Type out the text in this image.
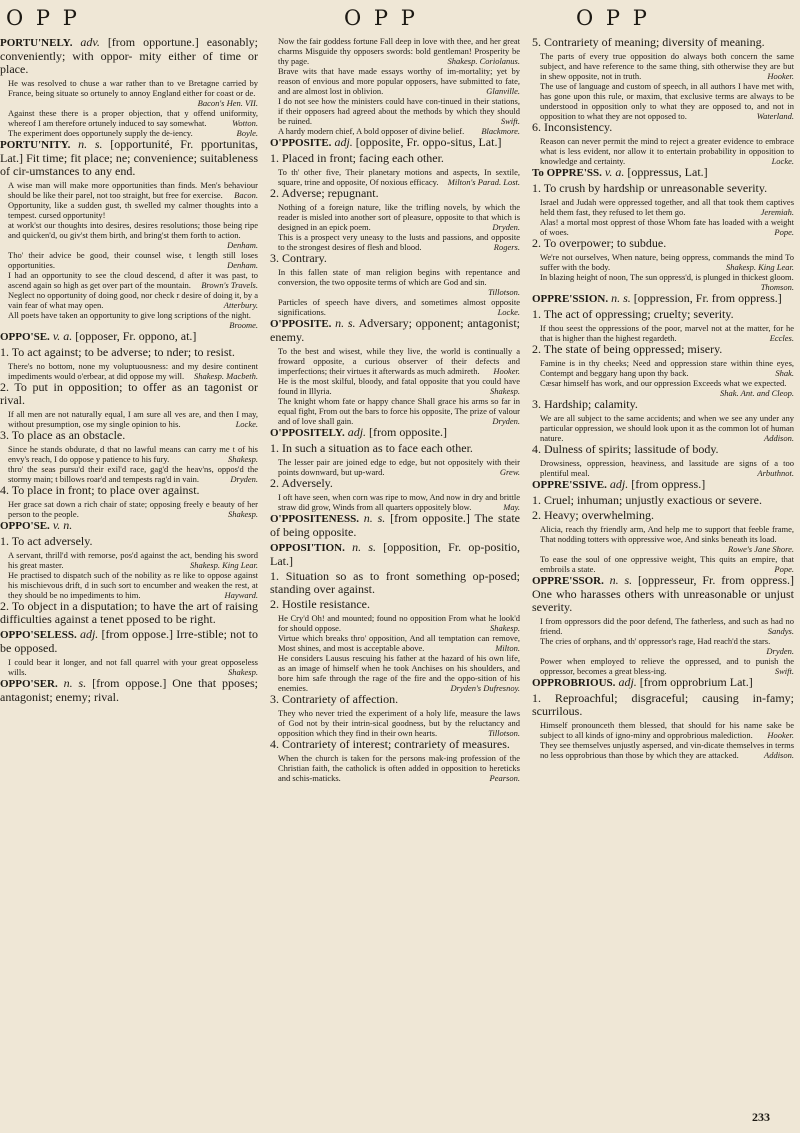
O P P	O P P	O P P
PORTU'NELY. adv. [from opportune.] easonably; conveniently; with oppor- mity either of time or place.
He was resolved to chuse a war rather than to ve Bretagne carried by France, being situate so ortunely to annoy England either for coast or de.
Bacon's Hen. VII.
Against these there is a proper objection, that y offend uniformity, whereof I am therefore ortunely induced to say somewhat.	Wotton.
The experiment does opportunely supply the de-iency.	Boyle.
PORTU'NITY. n. s. [opportunité, Fr. pportunitas, Lat.] Fit time; fit place; ne; convenience; suitableness of cir-umstances to any end.
A wise man will make more opportunities than finds. Men's behaviour should be like their parel, not too straight, but free for exercise.	Bacon.
Opportunity, like a sudden gust, th swelled my calmer thoughts into a tempest. cursed opportunity!
at work'st our thoughts into desires, desires resolutions; those being ripe and quicken'd, ou giv'st them birth, and bring'st them forth to action.
Denham.
Tho' their advice be good, their counsel wise, t length still loses opportunities.	Denham.
I had an opportunity to see the cloud descend, d after it was past, to ascend again so high as get over part of the mountain.	Brown's Travels.
Neglect no opportunity of doing good, nor check r desire of doing it, by a vain fear of what may open.	Atterbury.
All poets have taken an opportunity to give long scriptions of the night.
Broome.
OPPO'SE. v. a. [opposer, Fr. oppono, at.]
1. To act against; to be adverse; to nder; to resist.
There's no bottom, none my voluptuousness: and my desire continent impediments would o'erbear, at did oppose my will.	Shakesp. Macbeth.
2. To put in opposition; to offer as an tagonist or rival.
If all men are not naturally equal, I am sure all ves are, and then I may, without presumption, ose my single opinion to his.	Locke.
3. To place as an obstacle.
Since he stands obdurate, d that no lawful means can carry me t of his envy's reach, I do oppose y patience to his fury.	Shakesp.
thro' the seas pursu'd their exil'd race, gag'd the heav'ns, oppos'd the stormy main; t billows roar'd and tempests rag'd in vain.	Dryden.
4. To place in front; to place over against.
Her grace sat down a rich chair of state; opposing freely e beauty of her person to the people.	Shakesp.
OPPO'SE. v. n.
1. To act adversely.
A servant, thrill'd with remorse, pos'd against the act, bending his sword his great master.	Shakesp. King Lear.
He practised to dispatch such of the nobility as re like to oppose against his mischievous drift, d in such sort to encumber and weaken the rest, at they should be no impediments to him.	Hayward.
2. To object in a disputation; to have the art of raising difficulties against a tenet pposed to be right.
OPPO'SELESS. adj. [from oppose.] Irre-stible; not to be opposed.
I could bear it longer, and not fall quarrel with your great opposeless wills.	Shakesp.
OPPO'SER. n. s. [from oppose.] One that pposes; antagonist; enemy; rival.
Now the fair goddess fortune Fall deep in love with thee, and her great charms Misguide thy opposers swords: bold gentleman! Prosperity be thy page.	Shakesp. Coriolanus.
Brave wits that have made essays worthy of im-mortality; yet by reason of envious and more popular opposers, have submitted to fate, and are almost lost in oblivion.	Glanville.
I do not see how the ministers could have con-tinued in their stations, if their opposers had agreed about the methods by which they should be ruined.	Swift.
A hardy modern chief, A bold opposer of divine belief.	Blackmore.
O'PPOSITE. adj. [opposite, Fr. oppo-situs, Lat.]
1. Placed in front; facing each other.
To th' other five, Their planetary motions and aspects, In sextile, square, trine and opposite, Of noxious efficacy.	Milton's Parad. Lost.
2. Adverse; repugnant.
Nothing of a foreign nature, like the trifling novels, by which the reader is misled into another sort of pleasure, opposite to that which is designed in an epick poem.	Dryden.
This is a prospect very uneasy to the lusts and passions, and opposite to the strongest desires of flesh and blood.	Rogers.
3. Contrary.
In this fallen state of man religion begins with repentance and conversion, the two opposite terms of which are God and sin.
Tillotson.
Particles of speech have divers, and sometimes almost opposite significations.	Locke.
O'PPOSITE. n. s. Adversary; opponent; antagonist; enemy.
To the best and wisest, while they live, the world is continually a froward opposite, a curious observer of their defects and imperfections; their virtues it afterwards as much admireth.	Hooker.
He is the most skilful, bloody, and fatal opposite that you could have found in Illyria.	Shakesp.
The knight whom fate or happy chance Shall grace his arms so far in equal fight, From out the bars to force his opposite, The prize of valour and of love shall gain.	Dryden.
O'PPOSITELY. adj. [from opposite.]
1. In such a situation as to face each other.
The lesser pair are joined edge to edge, but not oppositely with their points downward, but up-ward.	Grew.
2. Adversely.
I oft have seen, when corn was ripe to mow, And now in dry and brittle straw did grow, Winds from all quarters oppositely blow.	May.
O'PPOSITENESS. n. s. [from opposite.] The state of being opposite.
OPPOSI'TION. n. s. [opposition, Fr. op-positio, Lat.]
1. Situation so as to front something op-posed; standing over against.
2. Hostile resistance.
He Cry'd Oh! and mounted; found no opposition From what he look'd for should oppose.	Shakesp.
Virtue which breaks thro' opposition, And all temptation can remove, Most shines, and most is acceptable above.	Milton.
He considers Lausus rescuing his father at the hazard of his own life, as an image of himself when he took Anchises on his shoulders, and bore him safe through the rage of the fire and the oppo-sition of his enemies.	Dryden's Dufresnoy.
3. Contrariety of affection.
They who never tried the experiment of a holy life, measure the laws of God not by their intrin-sical goodness, but by the reluctancy and opposition which they find in their own hearts.	Tillotson.
4. Contrariety of interest; contrariety of measures.
When the church is taken for the persons mak-ing profession of the Christian faith, the catholick is often added in opposition to hereticks and schis-maticks.	Pearson.
5. Contrariety of meaning; diversity of meaning.
The parts of every true opposition do always both concern the same subject, and have reference to the same thing, sith otherwise they are but in shew opposite, not in truth.	Hooker.
The use of language and custom of speech, in all authors I have met with, has gone upon this rule, or maxim, that exclusive terms are always to be understood in opposition only to what they are opposed to, and not in opposition to what they are not opposed to.	Waterland.
6. Inconsistency.
Reason can never permit the mind to reject a greater evidence to embrace what is less evident, nor allow it to entertain probability in opposition to knowledge and certainty.	Locke.
To OPPRE'SS. v. a. [oppressus, Lat.]
1. To crush by hardship or unreasonable severity.
Israel and Judah were oppressed together, and all that took them captives held them fast, they refused to let them go.	Jeremiah.
Alas! a mortal most opprest of those Whom fate has loaded with a weight of woes.	Pope.
2. To overpower; to subdue.
We're not ourselves, When nature, being oppress, commands the mind To suffer with the body.	Shakesp. King Lear.
In blazing height of noon, The sun oppress'd, is plunged in thickest gloom.
Thomson.
OPPRE'SSION. n. s. [oppression, Fr. from oppress.]
1. The act of oppressing; cruelty; severity.
If thou seest the oppressions of the poor, marvel not at the matter, for he that is higher than the highest regardeth.	Eccles.
2. The state of being oppressed; misery.
Famine is in thy cheeks; Need and oppression stare within thine eyes, Contempt and beggary hang upon thy back.	Shak.
Cæsar himself has work, and our oppression Exceeds what we expected.
Shak. Ant. and Cleop.
3. Hardship; calamity.
We are all subject to the same accidents; and when we see any under any particular oppression, we should look upon it as the common lot of human nature.	Addison.
4. Dulness of spirits; lassitude of body.
Drowsiness, oppression, heaviness, and lassitude are signs of a too plentiful meal.	Arbuthnot.
OPPRE'SSIVE. adj. [from oppress.]
1. Cruel; inhuman; unjustly exactious or severe.
2. Heavy; overwhelming.
Alicia, reach thy friendly arm, And help me to support that feeble frame, That nodding totters with oppressive woe, And sinks beneath its load.
Rowe's Jane Shore.
To ease the soul of one oppressive weight, This quits an empire, that embroils a state.	Pope.
OPPRE'SSOR. n. s. [oppresseur, Fr. from oppress.] One who harasses others with unreasonable or unjust severity.
I from oppressors did the poor defend, The fatherless, and such as had no friend.	Sandys.
The cries of orphans, and th' oppressor's rage, Had reach'd the stars.
Dryden.
Power when employed to relieve the oppressed, and to punish the oppressor, becomes a great bless-ing.	Swift.
OPPROBRIOUS. adj. [from opprobrium Lat.]
1. Reproachful; disgraceful; causing in-famy; scurrilous.
Himself pronounceth them blessed, that should for his name sake be subject to all kinds of igno-miny and opprobrious malediction.	Hooker.
They see themselves unjustly aspersed, and vin-dicate themselves in terms no less opprobrious than those by which they are attacked.	Addison.
233
